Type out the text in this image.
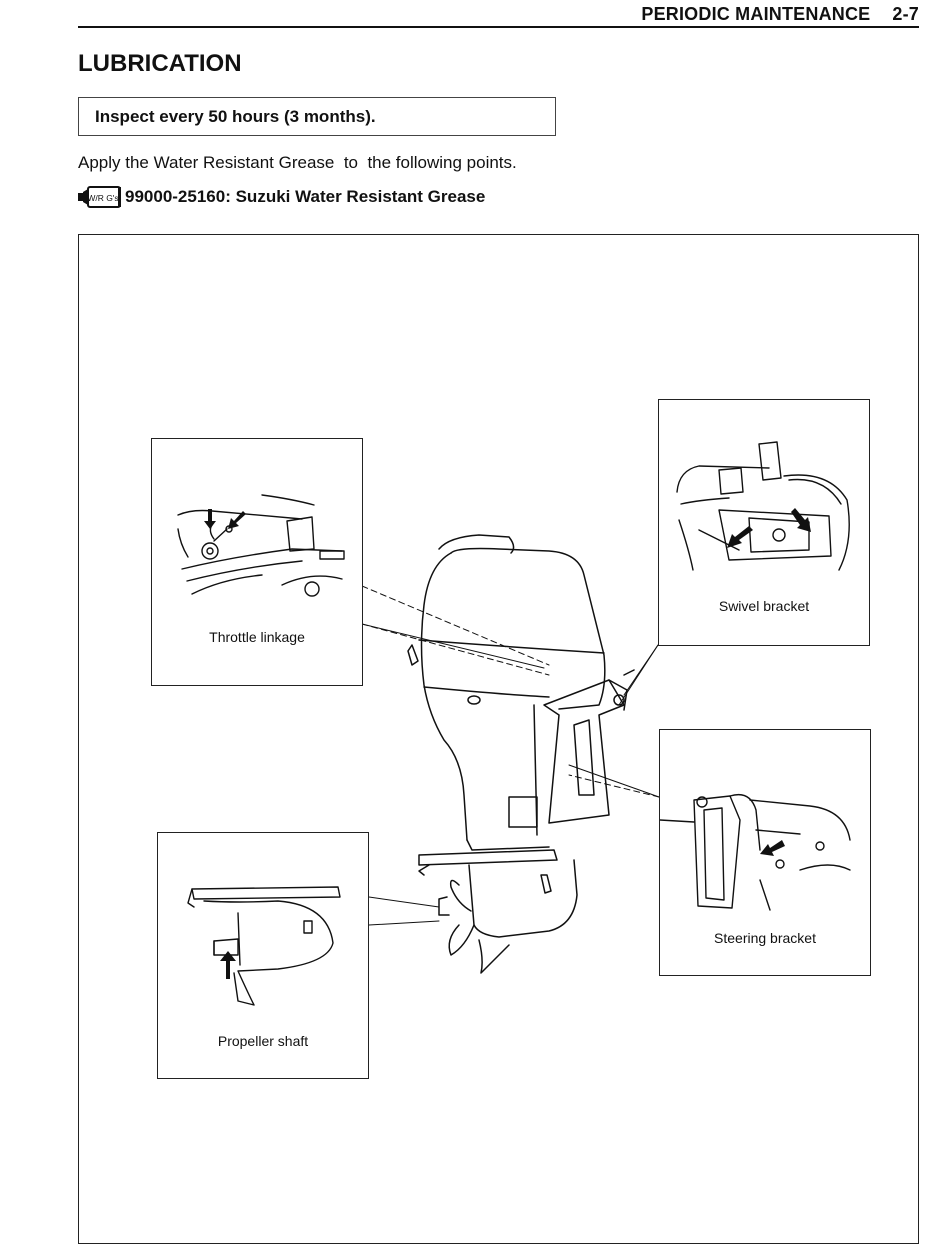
PERIODIC MAINTENANCE 2-7
LUBRICATION
Inspect every 50 hours (3 months).
Apply the Water Resistant Grease  to  the following points.
W/R G's 99000-25160: Suzuki Water Resistant Grease
Throttle linkage
Swivel bracket
Steering bracket
Propeller shaft
